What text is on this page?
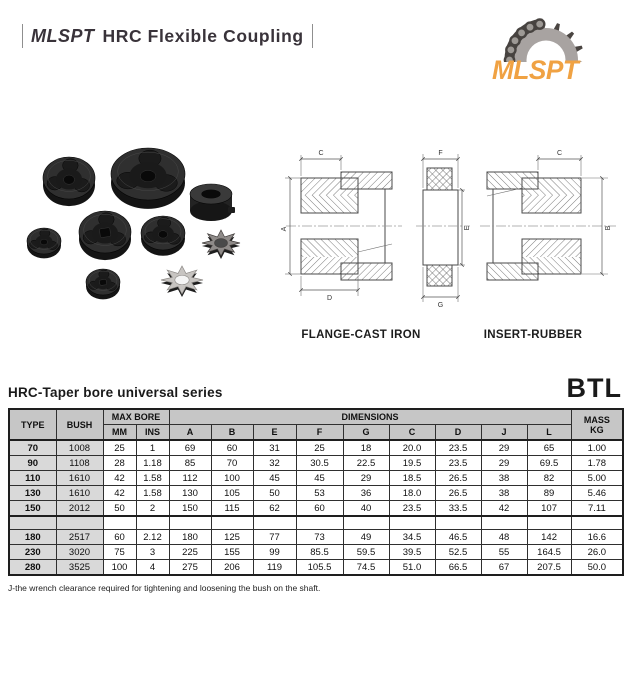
MLSPT HRC Flexible Coupling
MLSPT
C
A
D
F
E
G
C
B
FLANGE-CAST IRON	INSERT-RUBBER
HRC-Taper bore universal series	BTL
TYPE	BUSH	MAX BORE		DIMENSIONS									MASS
KG

		MM	INS	A	B	E	F	G	C	D	J	L	
70	1008	25	1	69	60	31	25	18	20.0	23.5	29	65	1.00
90	1108	28	1.18	85	70	32	30.5	22.5	19.5	23.5	29	69.5	1.78
110	1610	42	1.58	112	100	45	45	29	18.5	26.5	38	82	5.00
130	1610	42	1.58	130	105	50	53	36	18.0	26.5	38	89	5.46
150	2012	50	2	150	115	62	60	40	23.5	33.5	42	107	7.11

180	2517	60	2.12	180	125	77	73	49	34.5	46.5	48	142	16.6
230	3020	75	3	225	155	99	85.5	59.5	39.5	52.5	55	164.5	26.0
280	3525	100	4	275	206	119	105.5	74.5	51.0	66.5	67	207.5	50.0
J-the wrench clearance required for tightening and loosening the bush on the shaft.
